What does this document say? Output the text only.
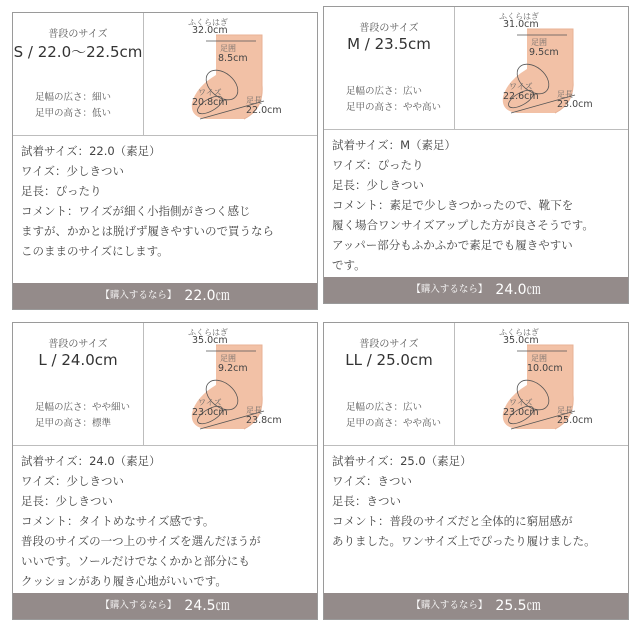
普段のサイズ
S / 22.0〜22.5cm
足幅の広さ：細い
足甲の高さ：低い
ふくらはぎ
32.0cm
足囲
8.5cm
ワイズ
20.8cm 足長
22.0cm
試着サイズ：22.0（素足）
ワイズ：少しきつい
足長：ぴったり
コメント：ワイズが細く小指側がきつく感じ
ますが、かかとは脱げず履きやすいので買うなら
このままのサイズにします。
【購入するなら】 22.0㎝
普段のサイズ
M / 23.5cm
足幅の広さ：広い
足甲の高さ：やや高い
ふくらはぎ
31.0cm
足囲
9.5cm
ワイズ
22.6cm 足長
23.0cm
試着サイズ：M（素足）
ワイズ：ぴったり
足長：少しきつい
コメント：素足で少しきつかったので、靴下を
履く場合ワンサイズアップした方が良さそうです。
アッパー部分もふかふかで素足でも履きやすい
です。
【購入するなら】 24.0㎝
普段のサイズ
L / 24.0cm
足幅の広さ：やや細い
足甲の高さ：標準
ふくらはぎ
35.0cm
足囲
9.2cm
ワイズ
23.0cm 足長
23.8cm
試着サイズ：24.0（素足）
ワイズ：少しきつい
足長：少しきつい
コメント：タイトめなサイズ感です。
普段のサイズの一つ上のサイズを選んだほうが
いいです。ソールだけでなくかかと部分にも
クッションがあり履き心地がいいです。
【購入するなら】 24.5㎝
普段のサイズ
LL / 25.0cm
足幅の広さ：広い
足甲の高さ：やや高い
ふくらはぎ
35.0cm
足囲
10.0cm
ワイズ
23.0cm 足長
25.0cm
試着サイズ：25.0（素足）
ワイズ：きつい
足長：きつい
コメント：普段のサイズだと全体的に窮屈感が
ありました。ワンサイズ上でぴったり履けました。
【購入するなら】 25.5㎝
